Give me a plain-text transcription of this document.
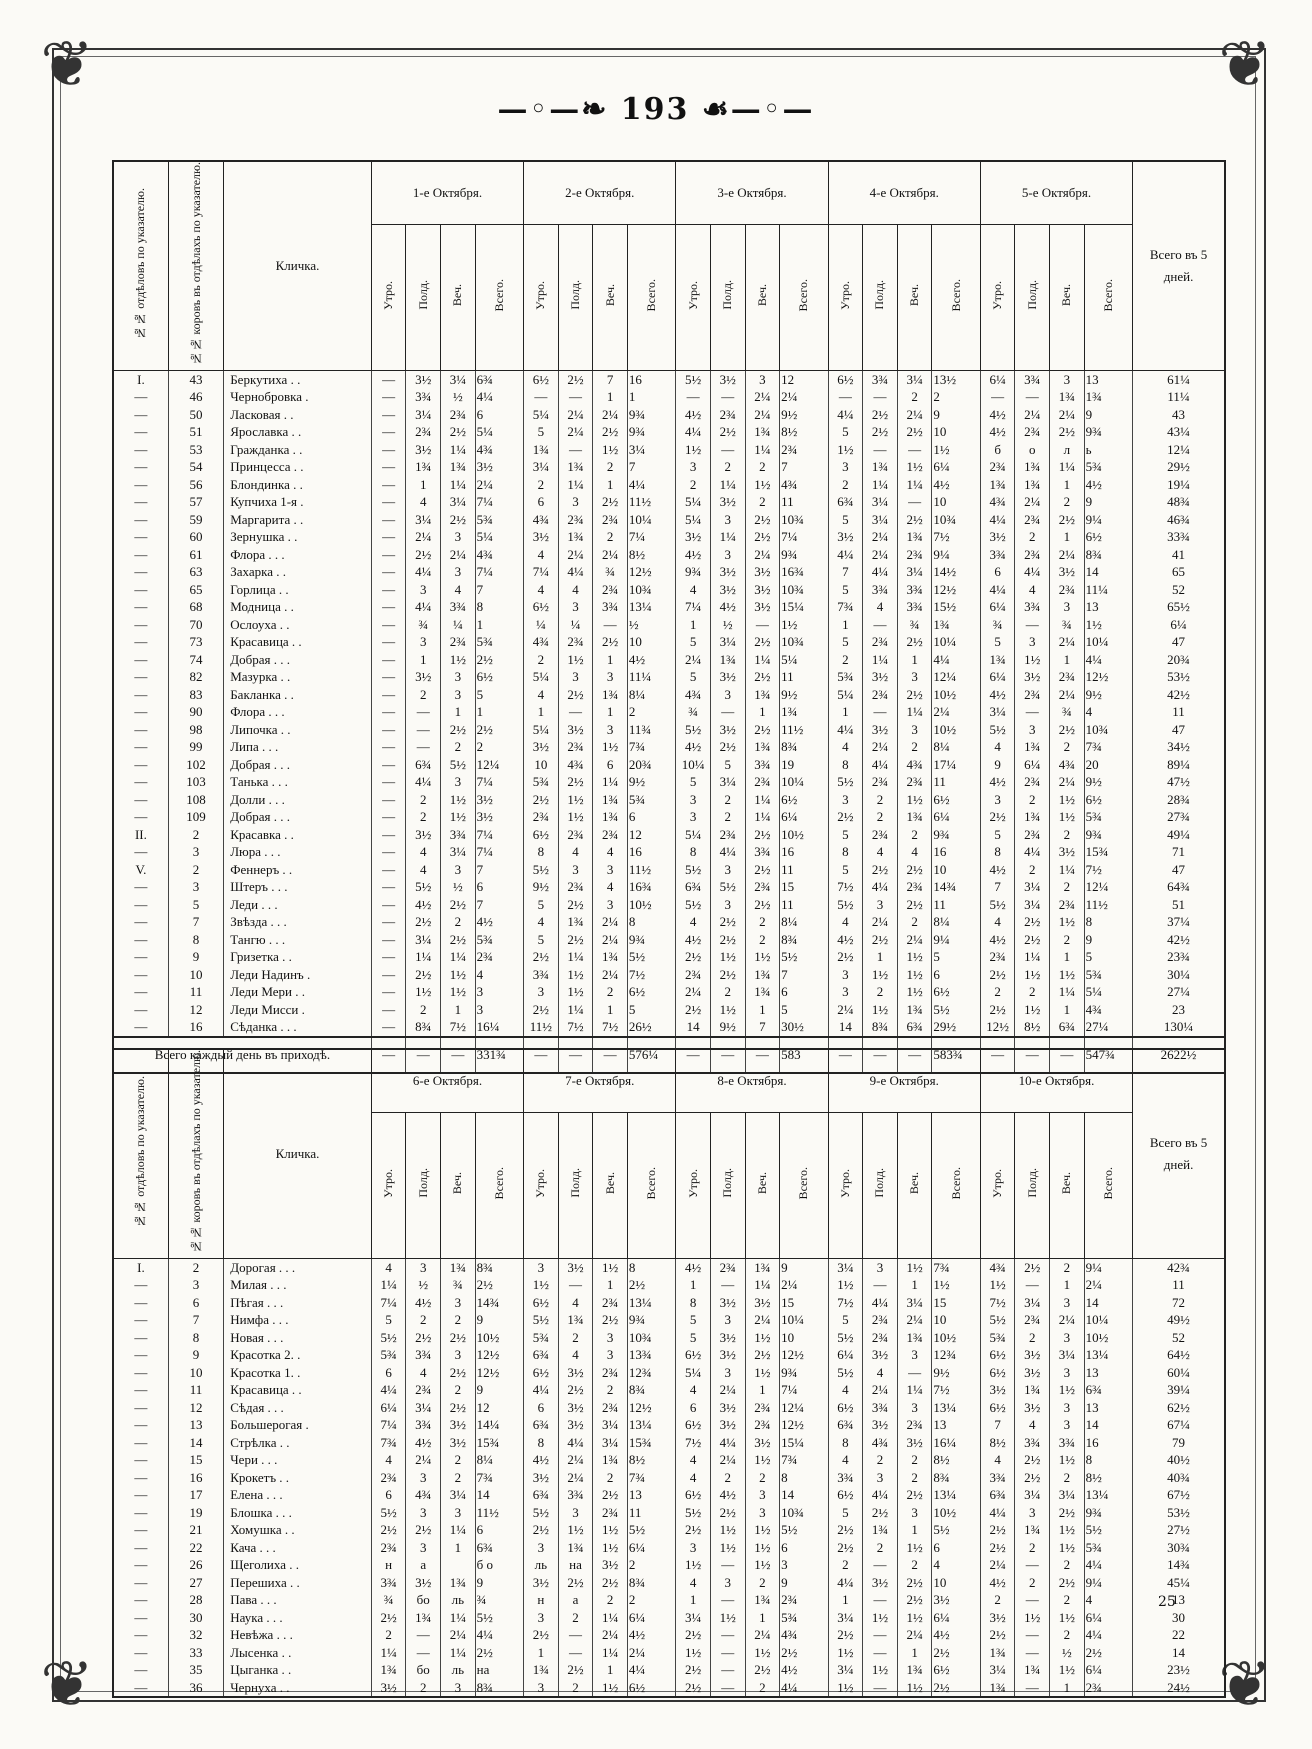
❦	❦
❦	❦
—◦—❧ 193 ☙—◦—
№№ отдѣловъ по указателю.	№№ коровъ въ отдѣлахъ по указателю.	Кличка.	1-е Октября.				2-е Октября.				3-е Октября.				4-е Октября.				5-е Октября.				Всего въ 5 дней.
			Утро.	Полд.	Веч.	Всего.	Утро.	Полд.	Веч.	Всего.	Утро.	Полд.	Веч.	Всего.	Утро.	Полд.	Веч.	Всего.	Утро.	Полд.	Веч.	Всего.	
I.	43	Беркутиха . .	—	3½	3¼	6¾	6½	2½	7	16	5½	3½	3	12	6½	3¾	3¼	13½	6¼	3¾	3	13	61¼
—	46	Чернобровка .	—	3¾	½	4¼	—	—	1	1	—	—	2¼	2¼	—	—	2	2	—	—	1¾	1¾	11¼
—	50	Ласковая . .	—	3¼	2¾	6	5¼	2¼	2¼	9¾	4½	2¾	2¼	9½	4¼	2½	2¼	9	4½	2¼	2¼	9	43
—	51	Ярославка . .	—	2¾	2½	5¼	5	2¼	2½	9¾	4¼	2½	1¾	8½	5	2½	2½	10	4½	2¾	2½	9¾	43¼
—	53	Гражданка . .	—	3½	1¼	4¾	1¾	—	1½	3¼	1½	—	1¼	2¾	1½	—	—	1½	б	о	л	ь	12¼
—	54	Принцесса . .	—	1¾	1¾	3½	3¼	1¾	2	7	3	2	2	7	3	1¾	1½	6¼	2¾	1¾	1¼	5¾	29½
—	56	Блондинка . .	—	1	1¼	2¼	2	1¼	1	4¼	2	1¼	1½	4¾	2	1¼	1¼	4½	1¾	1¾	1	4½	19¼
—	57	Купчиха 1-я .	—	4	3¼	7¼	6	3	2½	11½	5¼	3½	2	11	6¾	3¼	—	10	4¾	2¼	2	9	48¾
—	59	Маргарита . .	—	3¼	2½	5¾	4¾	2¾	2¾	10¼	5¼	3	2½	10¾	5	3¼	2½	10¾	4¼	2¾	2½	9¼	46¾
—	60	Зернушка . .	—	2¼	3	5¼	3½	1¾	2	7¼	3½	1¼	2½	7¼	3½	2¼	1¾	7½	3½	2	1	6½	33¾
—	61	Флора . . .	—	2½	2¼	4¾	4	2¼	2¼	8½	4½	3	2¼	9¾	4¼	2¼	2¾	9¼	3¾	2¾	2¼	8¾	41
—	63	Захарка . .	—	4¼	3	7¼	7¼	4¼	¾	12½	9¾	3½	3½	16¾	7	4¼	3¼	14½	6	4¼	3½	14	65
—	65	Горлица . .	—	3	4	7	4	4	2¾	10¾	4	3½	3½	10¾	5	3¾	3¾	12½	4¼	4	2¾	11¼	52
—	68	Модница . .	—	4¼	3¾	8	6½	3	3¾	13¼	7¼	4½	3½	15¼	7¾	4	3¾	15½	6¼	3¾	3	13	65½
—	70	Ослоуха . .	—	¾	¼	1	¼	¼	—	½	1	½	—	1½	1	—	¾	1¾	¾	—	¾	1½	6¼
—	73	Красавица . .	—	3	2¾	5¾	4¾	2¾	2½	10	5	3¼	2½	10¾	5	2¾	2½	10¼	5	3	2¼	10¼	47
—	74	Добрая . . .	—	1	1½	2½	2	1½	1	4½	2¼	1¾	1¼	5¼	2	1¼	1	4¼	1¾	1½	1	4¼	20¾
—	82	Мазурка . .	—	3½	3	6½	5¼	3	3	11¼	5	3½	2½	11	5¾	3½	3	12¼	6¼	3½	2¾	12½	53½
—	83	Бакланка . .	—	2	3	5	4	2½	1¾	8¼	4¾	3	1¾	9½	5¼	2¾	2½	10½	4½	2¾	2¼	9½	42½
—	90	Флора . . .	—	—	1	1	1	—	1	2	¾	—	1	1¾	1	—	1¼	2¼	3¼	—	¾	4	11
—	98	Липочка . .	—	—	2½	2½	5¼	3½	3	11¾	5½	3½	2½	11½	4¼	3½	3	10½	5½	3	2½	10¾	47
—	99	Липа . . .	—	—	2	2	3½	2¾	1½	7¾	4½	2½	1¾	8¾	4	2¼	2	8¼	4	1¾	2	7¾	34½
—	102	Добрая . . .	—	6¾	5½	12¼	10	4¾	6	20¾	10¼	5	3¾	19	8	4¼	4¾	17¼	9	6¼	4¾	20	89¼
—	103	Танька . . .	—	4¼	3	7¼	5¾	2½	1¼	9½	5	3¼	2¾	10¼	5½	2¾	2¾	11	4½	2¾	2¼	9½	47½
—	108	Долли . . .	—	2	1½	3½	2½	1½	1¾	5¾	3	2	1¼	6½	3	2	1½	6½	3	2	1½	6½	28¾
—	109	Добрая . . .	—	2	1½	3½	2¾	1½	1¾	6	3	2	1¼	6¼	2½	2	1¾	6¼	2½	1¾	1½	5¾	27¾
II.	2	Красавка . .	—	3½	3¾	7¼	6½	2¾	2¾	12	5¼	2¾	2½	10½	5	2¾	2	9¾	5	2¾	2	9¾	49¼
—	3	Люра . . .	—	4	3¼	7¼	8	4	4	16	8	4¼	3¾	16	8	4	4	16	8	4¼	3½	15¾	71
V.	2	Феннеръ . .	—	4	3	7	5½	3	3	11½	5½	3	2½	11	5	2½	2½	10	4½	2	1¼	7½	47
—	3	Штеръ . . .	—	5½	½	6	9½	2¾	4	16¾	6¾	5½	2¾	15	7½	4¼	2¾	14¾	7	3¼	2	12¼	64¾
—	5	Леди . . .	—	4½	2½	7	5	2½	3	10½	5½	3	2½	11	5½	3	2½	11	5½	3¼	2¾	11½	51
—	7	Звѣзда . . .	—	2½	2	4½	4	1¾	2¼	8	4	2½	2	8¼	4	2¼	2	8¼	4	2½	1½	8	37¼
—	8	Тангю . . .	—	3¼	2½	5¾	5	2½	2¼	9¾	4½	2½	2	8¾	4½	2½	2¼	9¼	4½	2½	2	9	42½
—	9	Гризетка . .	—	1¼	1¼	2¾	2½	1¼	1¾	5½	2½	1½	1½	5½	2½	1	1½	5	2¾	1¼	1	5	23¾
—	10	Леди Надинъ .	—	2½	1½	4	3¾	1½	2¼	7½	2¾	2½	1¾	7	3	1½	1½	6	2½	1½	1½	5¾	30¼
—	11	Леди Мери . .	—	1½	1½	3	3	1½	2	6½	2¼	2	1¾	6	3	2	1½	6½	2	2	1¼	5¼	27¼
—	12	Леди Мисси .	—	2	1	3	2½	1¼	1	5	2½	1½	1	5	2¼	1½	1¾	5½	2½	1½	1	4¾	23
—	16	Сѣданка . . .	—	8¾	7½	16¼	11½	7½	7½	26½	14	9½	7	30½	14	8¾	6¾	29½	12½	8½	6¾	27¼	130¼
Всего каждый день въ приходѣ.			—	—	—	331¾	—	—	—	576¼	—	—	—	583	—	—	—	583¾	—	—	—	547¾	2622½
№№ отдѣловъ по указателю.	№№ коровъ въ отдѣлахъ по указателю.	Кличка.	6-е Октября.				7-е Октября.				8-е Октября.				9-е Октября.				10-е Октября.				Всего въ 5 дней.
			Утро.	Полд.	Веч.	Всего.	Утро.	Полд.	Веч.	Всего.	Утро.	Полд.	Веч.	Всего.	Утро.	Полд.	Веч.	Всего.	Утро.	Полд.	Веч.	Всего.	
I.	2	Дорогая . . .	4	3	1¾	8¾	3	3½	1½	8	4½	2¾	1¾	9	3¼	3	1½	7¾	4¾	2½	2	9¼	42¾
—	3	Милая . . .	1¼	½	¾	2½	1½	—	1	2½	1	—	1¼	2¼	1½	—	1	1½	1½	—	1	2¼	11
—	6	Пѣгая . . .	7¼	4½	3	14¾	6½	4	2¾	13¼	8	3½	3½	15	7½	4¼	3¼	15	7½	3¼	3	14	72
—	7	Нимфа . . .	5	2	2	9	5½	1¾	2½	9¾	5	3	2¼	10¼	5	2¾	2¼	10	5½	2¾	2¼	10¼	49½
—	8	Новая . . .	5½	2½	2½	10½	5¾	2	3	10¾	5	3½	1½	10	5½	2¾	1¾	10½	5¾	2	3	10½	52
—	9	Красотка 2. .	5¾	3¾	3	12½	6¾	4	3	13¾	6½	3½	2½	12½	6¼	3½	3	12¾	6½	3½	3¼	13¼	64½
—	10	Красотка 1. .	6	4	2½	12½	6½	3½	2¾	12¾	5¼	3	1½	9¾	5½	4	—	9½	6½	3½	3	13	60¼
—	11	Красавица . .	4¼	2¾	2	9	4¼	2½	2	8¾	4	2¼	1	7¼	4	2¼	1¼	7½	3½	1¾	1½	6¾	39¼
—	12	Сѣдая . . .	6¼	3¼	2½	12	6	3½	2¾	12½	6	3½	2¾	12¼	6½	3¾	3	13¼	6½	3½	3	13	62½
—	13	Большерогая .	7¼	3¾	3½	14¼	6¾	3½	3¼	13¼	6½	3½	2¾	12½	6¾	3½	2¾	13	7	4	3	14	67¼
—	14	Стрѣлка . .	7¾	4½	3½	15¾	8	4¼	3¼	15¾	7½	4¼	3½	15¼	8	4¾	3½	16¼	8½	3¾	3¾	16	79
—	15	Чери . . .	4	2¼	2	8¼	4½	2¼	1¾	8½	4	2¼	1½	7¾	4	2	2	8½	4	2½	1½	8	40½
—	16	Крокетъ . .	2¾	3	2	7¾	3½	2¼	2	7¾	4	2	2	8	3¾	3	2	8¾	3¾	2½	2	8½	40¾
—	17	Елена . . .	6	4¾	3¼	14	6¾	3¾	2½	13	6½	4½	3	14	6½	4¼	2½	13¼	6¾	3¼	3¼	13¼	67½
—	19	Блошка . . .	5½	3	3	11½	5½	3	2¾	11	5½	2½	3	10¾	5	2½	3	10½	4¼	3	2½	9¾	53½
—	21	Хомушка . .	2½	2½	1¼	6	2½	1½	1½	5½	2½	1½	1½	5½	2½	1¾	1	5½	2½	1¾	1½	5½	27½
—	22	Кача . . .	2¾	3	1	6¾	3	1¾	1½	6¼	3	1½	1½	6	2½	2	1½	6	2½	2	1½	5¾	30¾
—	26	Щеголиха . .	н	а		б о	ль	на	3½	2	1½	—	1½	3	2	—	2	4	2¼	—	2	4¼	14¾
—	27	Перешиха . .	3¾	3½	1¾	9	3½	2½	2½	8¾	4	3	2	9	4¼	3½	2½	10	4½	2	2½	9¼	45¼
—	28	Пава . . .	¾	бо	ль	¾	н	а	2	2	1	—	1¾	2¾	1	—	2½	3½	2	—	2	4	13
—	30	Наука . . .	2½	1¾	1¼	5½	3	2	1¼	6¼	3¼	1½	1	5¾	3¼	1½	1½	6¼	3½	1½	1½	6¼	30
—	32	Невѣжа . . .	2	—	2¼	4¼	2½	—	2¼	4½	2½	—	2¼	4¾	2½	—	2¼	4½	2½	—	2	4¼	22
—	33	Лысенка . .	1¼	—	1¼	2½	1	—	1¼	2¼	1½	—	1½	2½	1½	—	1	2½	1¾	—	½	2½	14
—	35	Цыганка . .	1¾	бо	ль	на	1¾	2½	1	4¼	2½	—	2½	4½	3¼	1½	1¾	6½	3¼	1¾	1½	6¼	23½
—	36	Чернуха . .	3½	2	3	8¾	3	2	1½	6½	2½	—	2	4¼	1½	—	1½	2½	1¾	—	1	2¾	24½
25
